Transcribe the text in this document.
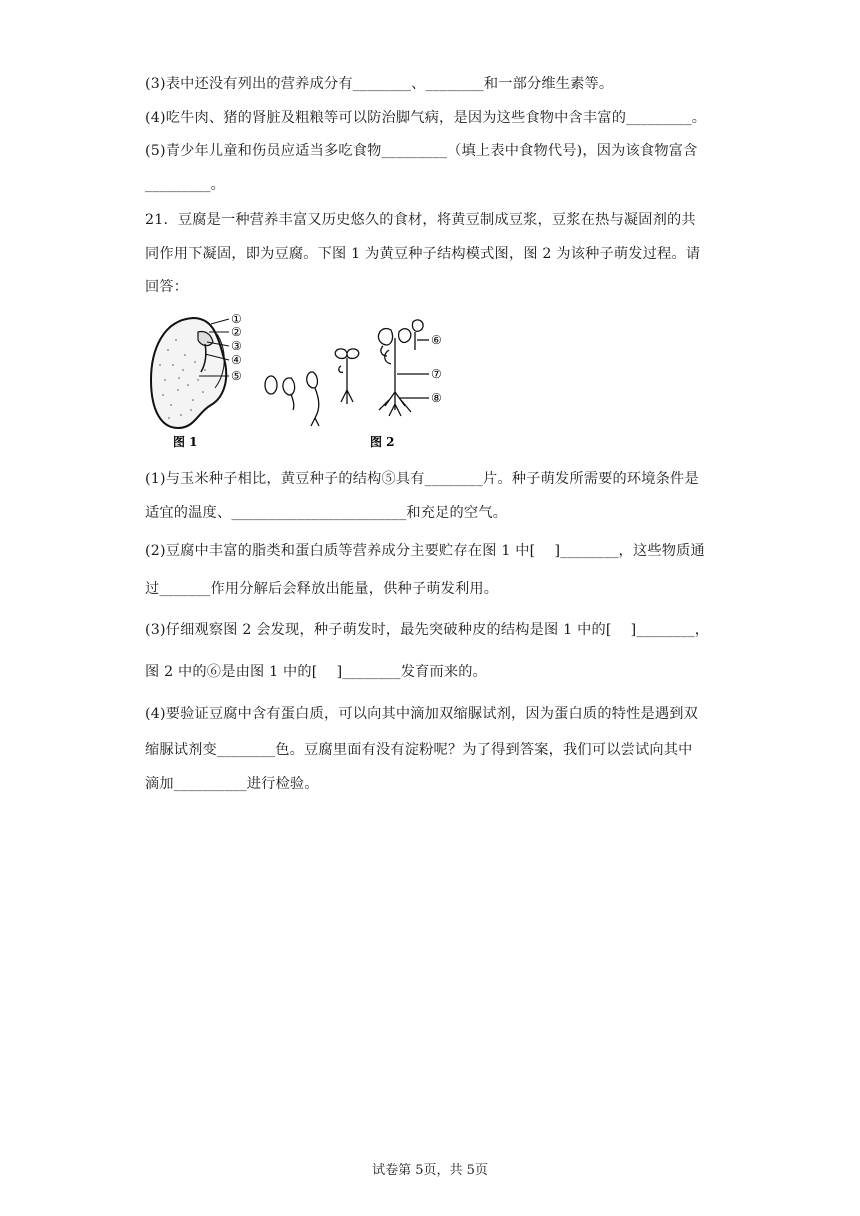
(3)表中还没有列出的营养成分有________、________和一部分维生素等。
(4)吃牛肉、猪的肾脏及粗粮等可以防治脚气病，是因为这些食物中含丰富的_________。
(5)青少年儿童和伤员应适当多吃食物_________（填上表中食物代号)，因为该食物富含
_________。
21．豆腐是一种营养丰富又历史悠久的食材，将黄豆制成豆浆，豆浆在热与凝固剂的共
同作用下凝固，即为豆腐。下图 1 为黄豆种子结构模式图，图 2 为该种子萌发过程。请
回答：
①
②
③
④
⑤
图 1
⑥
⑦
⑧
图 2
(1)与玉米种子相比，黄豆种子的结构⑤具有________片。种子萌发所需要的环境条件是
适宜的温度、________________________和充足的空气。
(2)豆腐中丰富的脂类和蛋白质等营养成分主要贮存在图 1 中[　 ]________，这些物质通
过_______作用分解后会释放出能量，供种子萌发利用。
(3)仔细观察图 2 会发现，种子萌发时，最先突破种皮的结构是图 1 中的[　 ]________，
图 2 中的⑥是由图 1 中的[　 ]________发育而来的。
(4)要验证豆腐中含有蛋白质，可以向其中滴加双缩脲试剂，因为蛋白质的特性是遇到双
缩脲试剂变________色。豆腐里面有没有淀粉呢？为了得到答案，我们可以尝试向其中
滴加__________进行检验。
试卷第 5页，共 5页
